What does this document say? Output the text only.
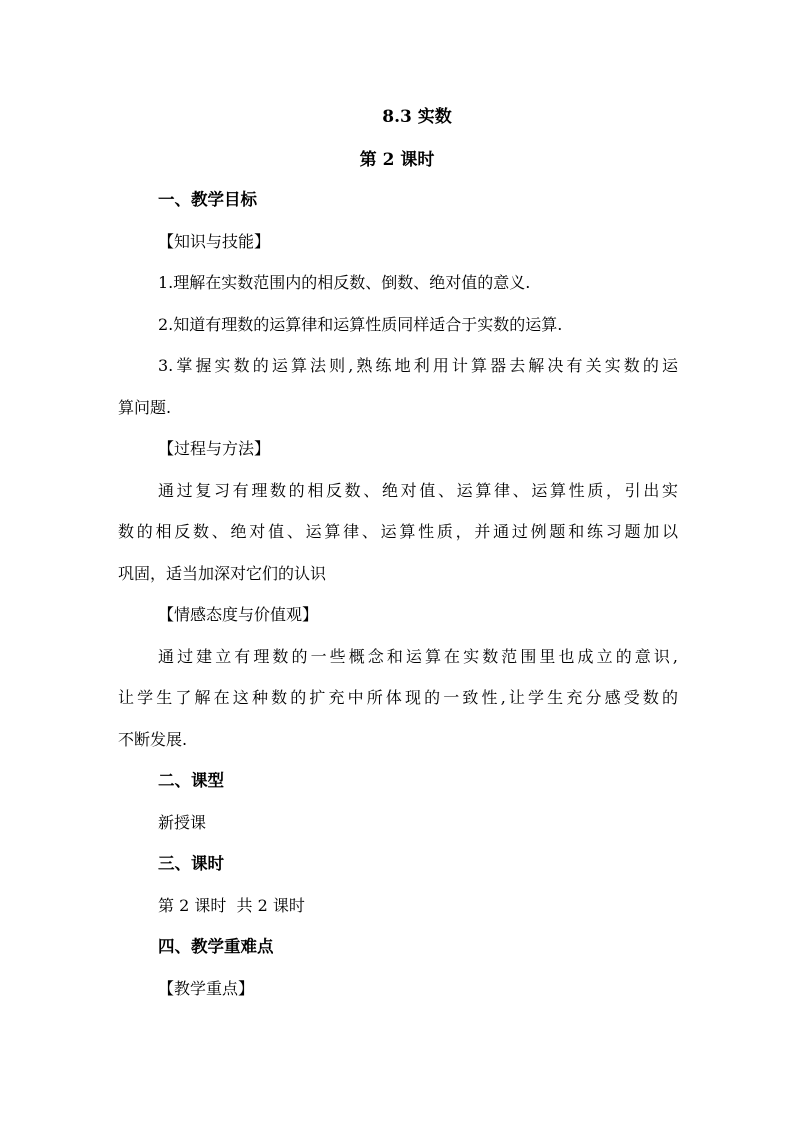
8.3 实数
第 2 课时
一、教学目标
【知识与技能】
1.理解在实数范围内的相反数、倒数、绝对值的意义.
2.知道有理数的运算律和运算性质同样适合于实数的运算.
3.掌握实数的运算法则,熟练地利用计算器去解决有关实数的运
算问题.
【过程与方法】
通过复习有理数的相反数、绝对值、运算律、运算性质，引出实
数的相反数、绝对值、运算律、运算性质，并通过例题和练习题加以
巩固，适当加深对它们的认识
【情感态度与价值观】
通过建立有理数的一些概念和运算在实数范围里也成立的意识,
让学生了解在这种数的扩充中所体现的一致性,让学生充分感受数的
不断发展.
二、课型
新授课
三、课时
第 2 课时  共 2 课时
四、教学重难点
【教学重点】
